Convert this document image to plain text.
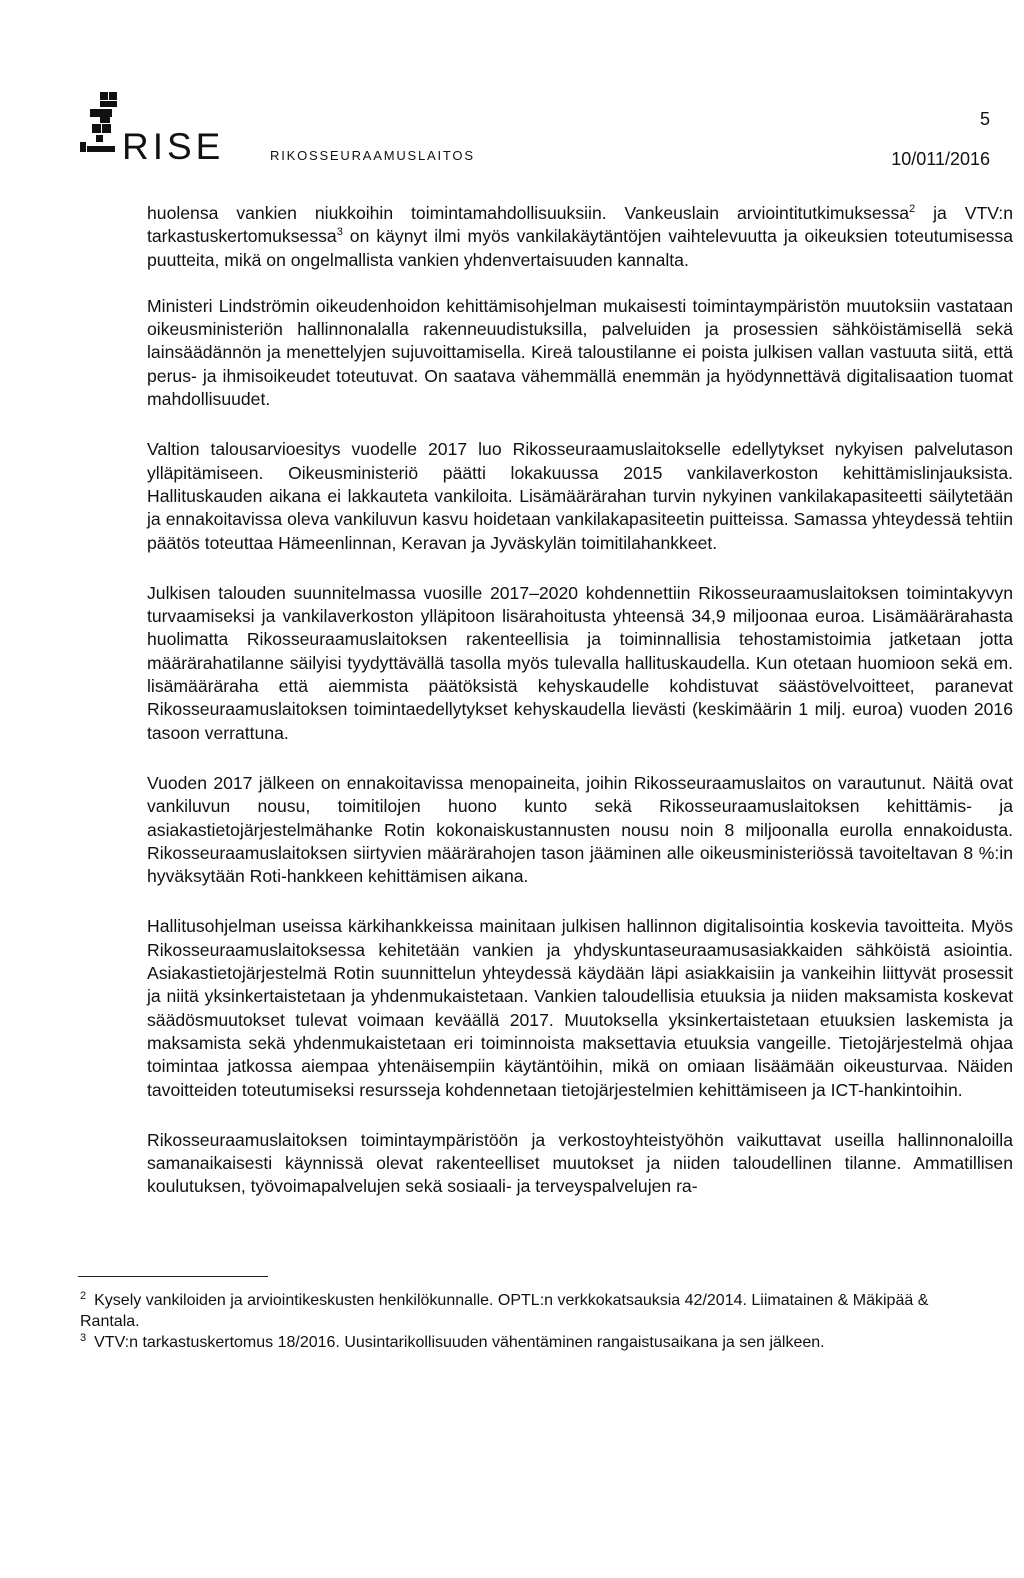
RISE	RIKOSSEURAAMUSLAITOS
5
10/011/2016

huolensa vankien niukkoihin toimintamahdollisuuksiin. Vankeuslain arviointitutkimuksessa$^2$ ja VTV:n tarkastuskertomuksessa$^3$ on käynyt ilmi myös vankilakäytäntöjen vaihtelevuutta ja oikeuksien toteutumisessa puutteita, mikä on ongelmallista vankien yhdenvertaisuuden kannalta.

Ministeri Lindströmin oikeudenhoidon kehittämisohjelman mukaisesti toimintaympäristön muutoksiin vastataan oikeusministeriön hallinnonalalla rakenneuudistuksilla, palveluiden ja prosessien sähköistämisellä sekä lainsäädännön ja menettelyjen sujuvoittamisella. Kireä taloustilanne ei poista julkisen vallan vastuuta siitä, että perus- ja ihmisoikeudet toteutuvat. On saatava vähemmällä enemmän ja hyödynnettävä digitalisaation tuomat mahdollisuudet.

Valtion talousarvioesitys vuodelle 2017 luo Rikosseuraamuslaitokselle edellytykset nykyisen palvelutason ylläpitämiseen. Oikeusministeriö päätti lokakuussa 2015 vankilaverkoston kehittämislinjauksista. Hallituskauden aikana ei lakkauteta vankiloita. Lisämäärärahan turvin nykyinen vankilakapasiteetti säilytetään ja ennakoitavissa oleva vankiluvun kasvu hoidetaan vankilakapasiteetin puitteissa. Samassa yhteydessä tehtiin päätös toteuttaa Hämeenlinnan, Keravan ja Jyväskylän toimitilahankkeet.

Julkisen talouden suunnitelmassa vuosille 2017–2020 kohdennettiin Rikosseuraamuslaitoksen toimintakyvyn turvaamiseksi ja vankilaverkoston ylläpitoon lisärahoitusta yhteensä 34,9 miljoonaa euroa. Lisämäärärahasta huolimatta Rikosseuraamuslaitoksen rakenteellisia ja toiminnallisia tehostamistoimia jatketaan jotta määrärahatilanne säilyisi tyydyttävällä tasolla myös tulevalla hallituskaudella. Kun otetaan huomioon sekä em. lisämääräraha että aiemmista päätöksistä kehyskaudelle kohdistuvat säästövelvoitteet, paranevat Rikosseuraamuslaitoksen toimintaedellytykset kehyskaudella lievästi (keskimäärin 1 milj. euroa) vuoden 2016 tasoon verrattuna.

Vuoden 2017 jälkeen on ennakoitavissa menopaineita, joihin Rikosseuraamuslaitos on varautunut. Näitä ovat vankiluvun nousu, toimitilojen huono kunto sekä Rikosseuraamuslaitoksen kehittämis- ja asiakastietojärjestelmähanke Rotin kokonaiskustannusten nousu noin 8 miljoonalla eurolla ennakoidusta. Rikosseuraamuslaitoksen siirtyvien määrärahojen tason jääminen alle oikeusministeriössä tavoiteltavan 8 %:in hyväksytään Roti-hankkeen kehittämisen aikana.

Hallitusohjelman useissa kärkihankkeissa mainitaan julkisen hallinnon digitalisointia koskevia tavoitteita. Myös Rikosseuraamuslaitoksessa kehitetään vankien ja yhdyskuntaseuraamusasiakkaiden sähköistä asiointia. Asiakastietojärjestelmä Rotin suunnittelun yhteydessä käydään läpi asiakkaisiin ja vankeihin liittyvät prosessit ja niitä yksinkertaistetaan ja yhdenmukaistetaan. Vankien taloudellisia etuuksia ja niiden maksamista koskevat säädösmuutokset tulevat voimaan keväällä 2017. Muutoksella yksinkertaistetaan etuuksien laskemista ja maksamista sekä yhdenmukaistetaan eri toiminnoista maksettavia etuuksia vangeille. Tietojärjestelmä ohjaa toimintaa jatkossa aiempaa yhtenäisempiin käytäntöihin, mikä on omiaan lisäämään oikeusturvaa. Näiden tavoitteiden toteutumiseksi resursseja kohdennetaan tietojärjestelmien kehittämiseen ja ICT-hankintoihin.

Rikosseuraamuslaitoksen toimintaympäristöön ja verkostoyhteistyöhön vaikuttavat useilla hallinnonaloilla samanaikaisesti käynnissä olevat rakenteelliset muutokset ja niiden taloudellinen tilanne. Ammatillisen koulutuksen, työvoimapalvelujen sekä sosiaali- ja terveyspalvelujen ra-

$^2$ Kysely vankiloiden ja arviointikeskusten henkilökunnalle. OPTL:n verkkokatsauksia 42/2014. Liimatainen & Mäkipää & Rantala.

$^3$ VTV:n tarkastuskertomus 18/2016. Uusintarikollisuuden vähentäminen rangaistusaikana ja sen jälkeen.
